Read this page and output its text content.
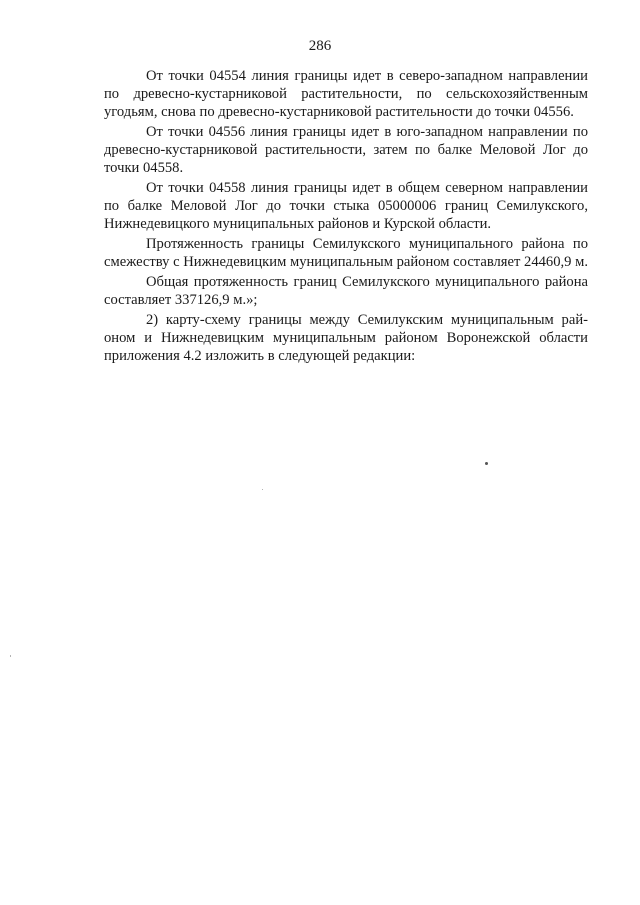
286

От точки 04554 линия границы идет в северо-западном направлении
по древесно-кустарниковой растительности, по сельскохозяйственным
угодьям, снова по древесно-кустарниковой растительности до точки 04556.

От точки 04556 линия границы идет в юго-западном направлении по
древесно-кустарниковой растительности, затем по балке Меловой Лог до
точки 04558.

От точки 04558 линия границы идет в общем северном направлении
по балке Меловой Лог до точки стыка 05000006 границ Семилукского,
Нижнедевицкого муниципальных районов и Курской области.

Протяженность границы Семилукского муниципального района по
смежеству с Нижнедевицким муниципальным районом составляет 24460,9 м.

Общая протяженность границ Семилукского муниципального района
составляет 337126,9 м.»;

2) карту-схему границы между Семилукским муниципальным рай-
оном и Нижнедевицким муниципальным районом Воронежской области
приложения 4.2 изложить в следующей редакции:
